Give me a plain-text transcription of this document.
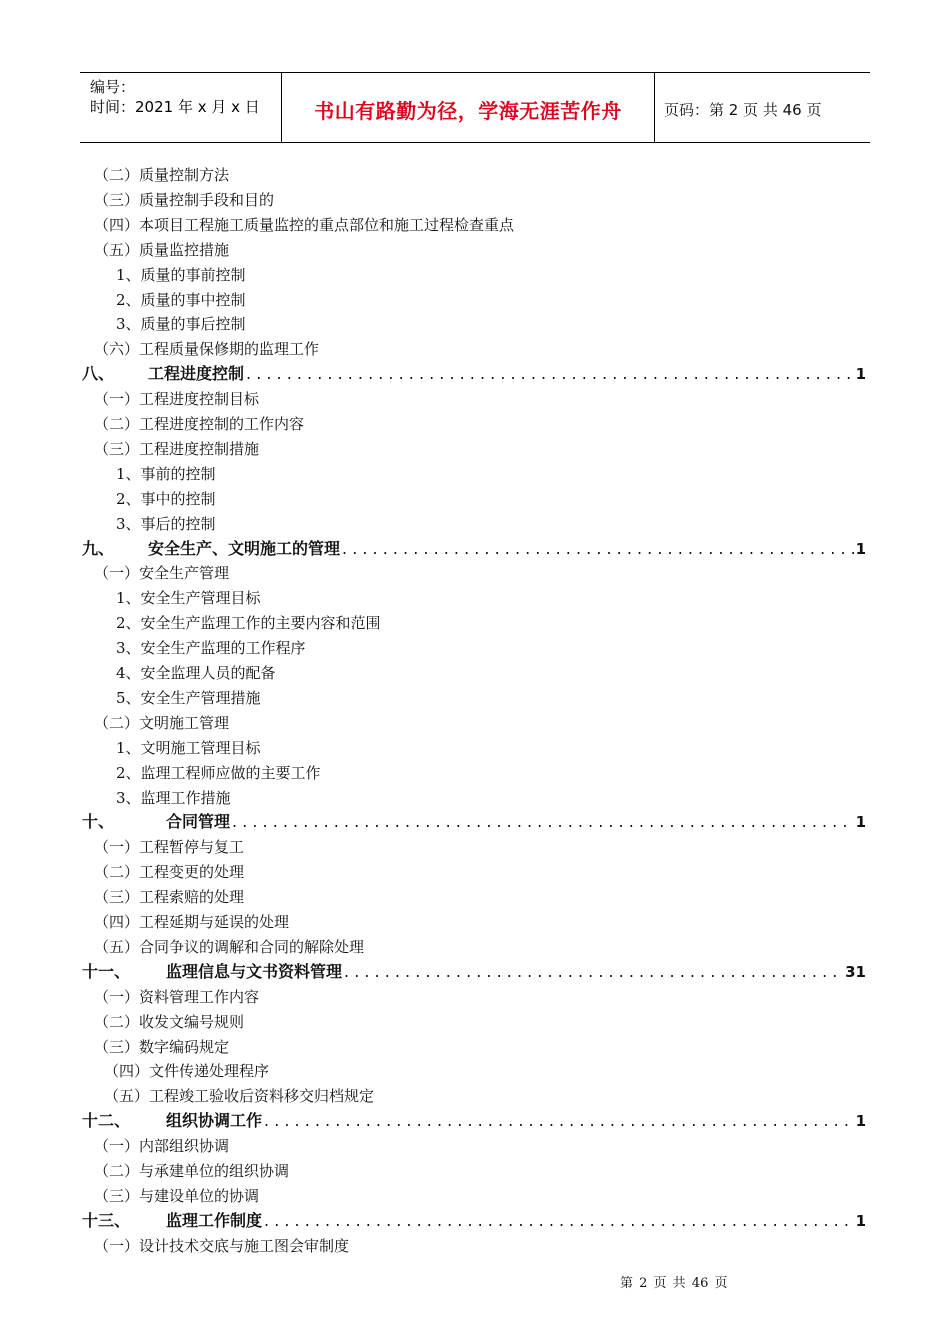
编号：
时间：2021 年 x 月 x 日	书山有路勤为径，学海无涯苦作舟	页码：第 2 页 共 46 页
（二）质量控制方法
（三）质量控制手段和目的
（四）本项目工程施工质量监控的重点部位和施工过程检查重点
（五）质量监控措施
1、质量的事前控制
2、质量的事中控制
3、质量的事后控制
（六）工程质量保修期的监理工作
八、	工程进度控制 . . .	1
（一）工程进度控制目标
（二）工程进度控制的工作内容
（三）工程进度控制措施
1、事前的控制
2、事中的控制
3、事后的控制
九、	安全生产、文明施工的管理 . . .	1
（一）安全生产管理
1、安全生产管理目标
2、安全生产监理工作的主要内容和范围
3、安全生产监理的工作程序
4、安全监理人员的配备
5、安全生产管理措施
（二）文明施工管理
1、文明施工管理目标
2、监理工程师应做的主要工作
3、监理工作措施
十、	合同管理 . . .	1
（一）工程暂停与复工
（二）工程变更的处理
（三）工程索赔的处理
（四）工程延期与延误的处理
（五）合同争议的调解和合同的解除处理
十一、	监理信息与文书资料管理 . . .	31
（一）资料管理工作内容
（二）收发文编号规则
（三）数字编码规定
（四）文件传递处理程序
（五）工程竣工验收后资料移交归档规定
十二、	组织协调工作 . . .	1
（一）内部组织协调
（二）与承建单位的组织协调
（三）与建设单位的协调
十三、	监理工作制度 . . .	1
（一）设计技术交底与施工图会审制度
第 2 页 共 46 页
